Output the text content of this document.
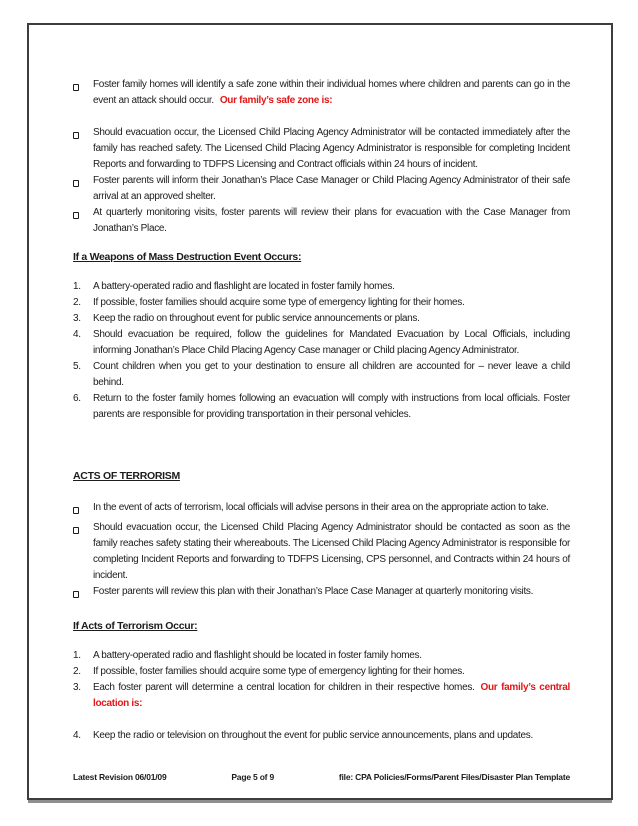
Foster family homes will identify a safe zone within their individual homes where children and parents can go in the event an attack should occur. Our family’s safe zone is:

Should evacuation occur, the Licensed Child Placing Agency Administrator will be contacted immediately after the family has reached safety. The Licensed Child Placing Agency Administrator is responsible for completing Incident Reports and forwarding to TDFPS Licensing and Contract officials within 24 hours of incident.

Foster parents will inform their Jonathan’s Place Case Manager or Child Placing Agency Administrator of their safe arrival at an approved shelter.

At quarterly monitoring visits, foster parents will review their plans for evacuation with the Case Manager from Jonathan’s Place.

If a Weapons of Mass Destruction Event Occurs:
1.	A battery-operated radio and flashlight are located in foster family homes.

2.	If possible, foster families should acquire some type of emergency lighting for their homes.

3.	Keep the radio on throughout event for public service announcements or plans.

4.	Should evacuation be required, follow the guidelines for Mandated Evacuation by Local Officials, including informing Jonathan’s Place Child Placing Agency Case manager or Child placing Agency Administrator.

5.	Count children when you get to your destination to ensure all children are accounted for – never leave a child behind.

6.	Return to the foster family homes following an evacuation will comply with instructions from local officials. Foster parents are responsible for providing transportation in their personal vehicles.

ACTS OF TERRORISM

In the event of acts of terrorism, local officials will advise persons in their area on the appropriate action to take.

Should evacuation occur, the Licensed Child Placing Agency Administrator should be contacted as soon as the family reaches safety stating their whereabouts. The Licensed Child Placing Agency Administrator is responsible for completing Incident Reports and forwarding to TDFPS Licensing, CPS personnel, and Contracts within 24 hours of incident.

Foster parents will review this plan with their Jonathan’s Place Case Manager at quarterly monitoring visits.

If Acts of Terrorism Occur:
1.	A battery-operated radio and flashlight should be located in foster family homes.

2.	If possible, foster families should acquire some type of emergency lighting for their homes.

3.	Each foster parent will determine a central location for children in their respective homes. Our family’s central location is:

4.	Keep the radio or television on throughout the event for public service announcements, plans and updates.

Latest Revision 06/01/09	Page 5 of 9	file: CPA Policies/Forms/Parent Files/Disaster Plan Template
